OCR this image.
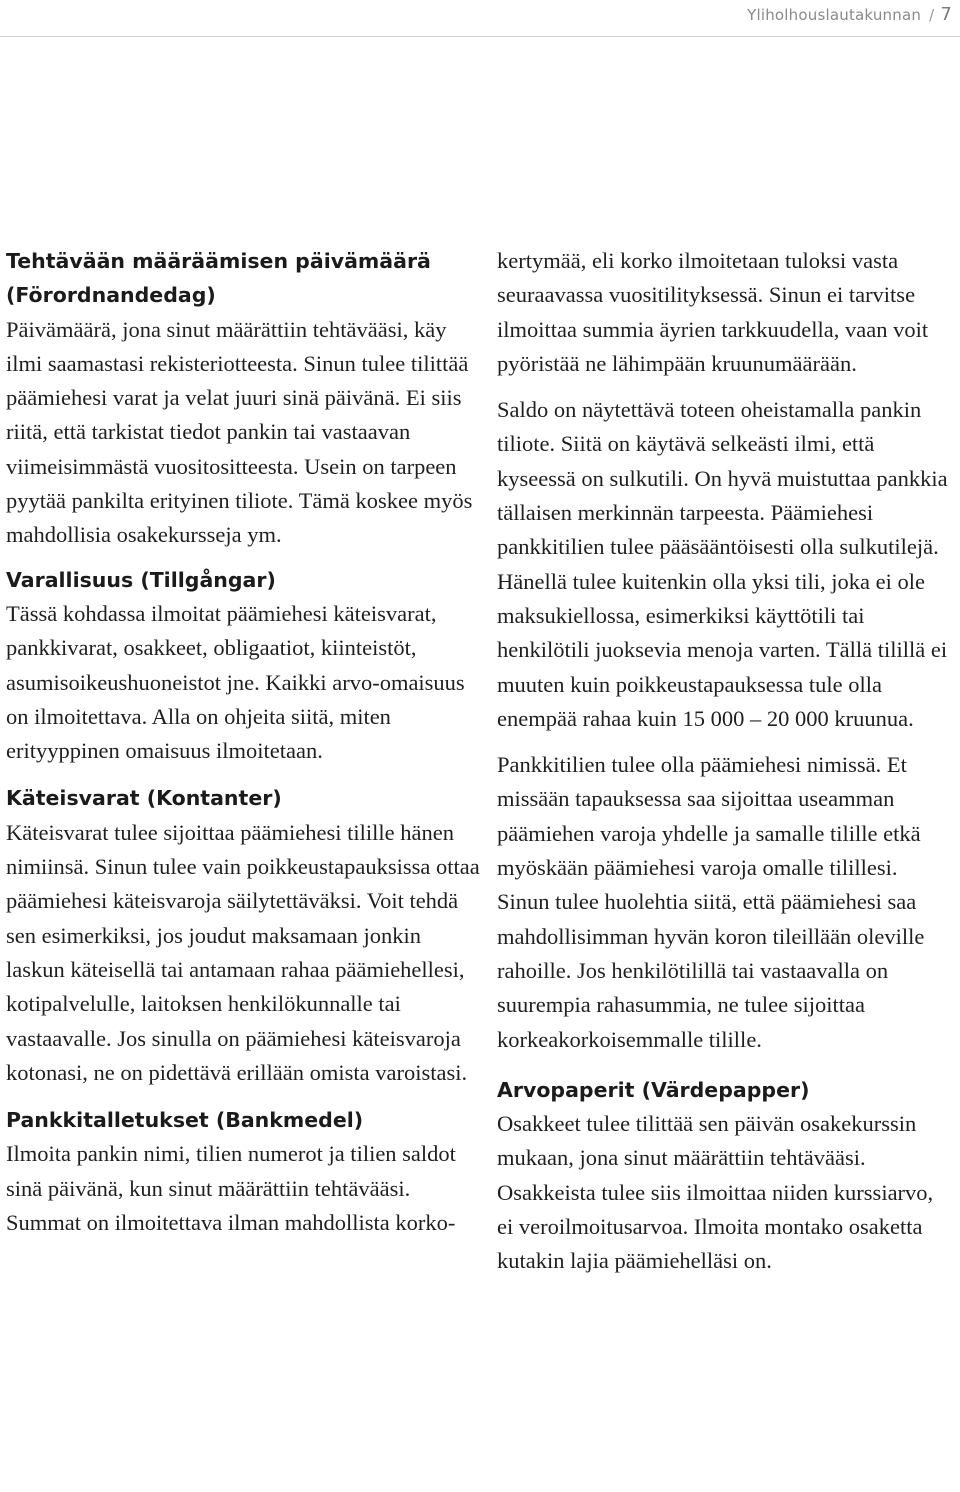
Yliholhouslautakunnan / 7
Tehtävään määräämisen päivämäärä (Förordnandedag)

Päivämäärä, jona sinut määrättiin tehtävääsi, käy ilmi saamastasi rekisteriotteesta. Sinun tulee tilittää päämiehesi varat ja velat juuri sinä päivänä. Ei siis riitä, että tarkistat tiedot pankin tai vastaavan viimeisimmästä vuositositteesta. Usein on tarpeen pyytää pankilta erityinen tiliote. Tämä koskee myös mahdollisia osakekursseja ym.

Varallisuus (Tillgångar)

Tässä kohdassa ilmoitat päämiehesi käteisvarat, pankkivarat, osakkeet, obligaatiot, kiinteistöt, asumisoikeushuoneistot jne. Kaikki arvo-omaisuus on ilmoitettava. Alla on ohjeita siitä, miten erityyppinen omaisuus ilmoitetaan.

Käteisvarat (Kontanter)

Käteisvarat tulee sijoittaa päämiehesi tilille hänen nimiinsä. Sinun tulee vain poikkeustapauksissa ottaa päämiehesi käteisvaroja säilytettäväksi. Voit tehdä sen esimerkiksi, jos joudut maksamaan jonkin laskun käteisellä tai antamaan rahaa päämiehellesi, kotipalvelulle, laitoksen henkilökunnalle tai vastaavalle. Jos sinulla on päämiehesi käteisvaroja kotonasi, ne on pidettävä erillään omista varoistasi.

Pankkitalletukset (Bankmedel)

Ilmoita pankin nimi, tilien numerot ja tilien saldot sinä päivänä, kun sinut määrättiin tehtävääsi. Summat on ilmoitettava ilman mahdollista korko-

kertymää, eli korko ilmoitetaan tuloksi vasta seuraavassa vuositilityksessä. Sinun ei tarvitse ilmoittaa summia äyrien tarkkuudella, vaan voit pyöristää ne lähimpään kruunumäärään.

Saldo on näytettävä toteen oheistamalla pankin tiliote. Siitä on käytävä selkeästi ilmi, että kyseessä on sulkutili. On hyvä muistuttaa pankkia tällaisen merkinnän tarpeesta. Päämiehesi pankkitilien tulee pääsääntöisesti olla sulkutilejä. Hänellä tulee kuitenkin olla yksi tili, joka ei ole maksukiellossa, esimerkiksi käyttötili tai henkilötili juoksevia menoja varten. Tällä tilillä ei muuten kuin poikkeustapauksessa tule olla enempää rahaa kuin 15 000 – 20 000 kruunua.

Pankkitilien tulee olla päämiehesi nimissä. Et missään tapauksessa saa sijoittaa useamman päämiehen varoja yhdelle ja samalle tilille etkä myöskään päämiehesi varoja omalle tilillesi. Sinun tulee huolehtia siitä, että päämiehesi saa mahdollisimman hyvän koron tileillään oleville rahoille. Jos henkilötilillä tai vastaavalla on suurempia rahasummia, ne tulee sijoittaa korkeakorkoisemmalle tilille.

Arvopaperit (Värdepapper)

Osakkeet tulee tilittää sen päivän osakekurssin mukaan, jona sinut määrättiin tehtävääsi. Osakkeista tulee siis ilmoittaa niiden kurssiarvo, ei veroilmoitusarvoa. Ilmoita montako osaketta kutakin lajia päämiehelläsi on.
